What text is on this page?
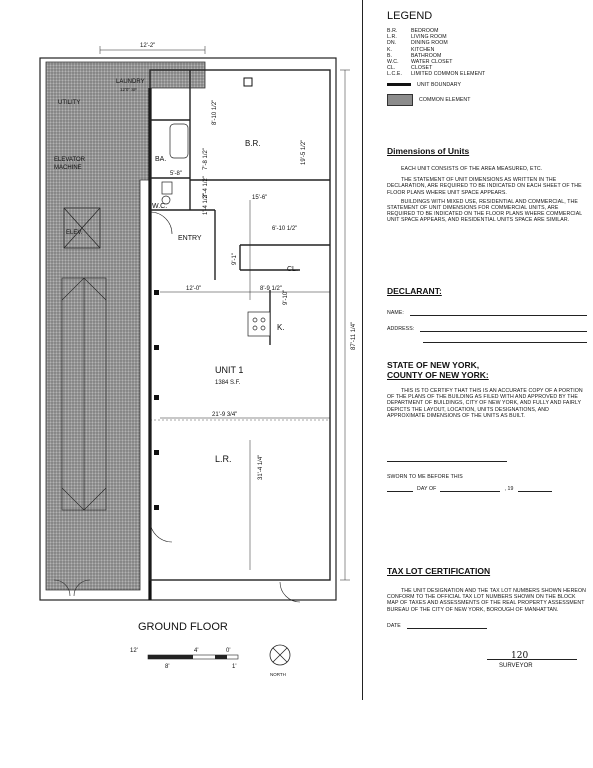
12'-2"
LAUNDRY
12'0" SF
UTILITY
ELEVATOR
MACHINE
ELEV.
BA.
B.R.
W.C.
ENTRY
CL.
K.
UNIT 1
1384 S.F.
L.R.
8'-10 1/2"
19'-5 1/2"
7'-8 1/2"
5'-8"
15'-6"
3'-4 1/2"
1'-4 1/2"
6'-10 1/2"
9'-1"
12'-0"	8'-9 1/2"
9'-10"
21'-9 3/4"
31'-4 1/4"
87'-11 1/4"
GROUND FLOOR
12'	4'	0'
8'	1'
NORTH
LEGEND
B.R.	BEDROOM
L.R.	LIVING ROOM
DN.	DINING ROOM
K.	KITCHEN
B.	BATHROOM
W.C.	WATER CLOSET
CL.	CLOSET
L.C.E.	LIMITED COMMON ELEMENT
UNIT BOUNDARY
COMMON ELEMENT
Dimensions of Units
EACH UNIT CONSISTS OF THE AREA MEASURED, ETC.
THE STATEMENT OF UNIT DIMENSIONS AS WRITTEN IN THE DECLARATION, ARE REQUIRED TO BE INDICATED ON EACH SHEET OF THE FLOOR PLANS WHERE UNIT SPACE APPEARS.
BUILDINGS WITH MIXED USE, RESIDENTIAL AND COMMERCIAL, THE STATEMENT OF UNIT DIMENSIONS FOR COMMERCIAL UNITS, ARE REQUIRED TO BE INDICATED ON THE FLOOR PLANS WHERE COMMERCIAL UNIT SPACE APPEARS, AND RESIDENTIAL UNITS SPACE ARE SIMILAR.
DECLARANT:
NAME:
ADDRESS:
STATE OF NEW YORK,
COUNTY OF NEW YORK:
THIS IS TO CERTIFY THAT THIS IS AN ACCURATE COPY OF A PORTION OF THE PLANS OF THE BUILDING AS FILED WITH AND APPROVED BY THE DEPARTMENT OF BUILDINGS, CITY OF NEW YORK, AND FULLY AND FAIRLY DEPICTS THE LAYOUT, LOCATION, UNITS DESIGNATIONS, AND APPROXIMATE DIMENSIONS OF THE UNITS AS BUILT.
SWORN TO ME BEFORE THIS
DAY OF	, 19
TAX LOT CERTIFICATION
THE UNIT DESIGNATION AND THE TAX LOT NUMBERS SHOWN HEREON CONFORM TO THE OFFICIAL TAX LOT NUMBERS SHOWN ON THE BLOCK MAP OF TAXES AND ASSESSMENTS OF THE REAL PROPERTY ASSESSMENT BUREAU OF THE CITY OF NEW YORK, BOROUGH OF MANHATTAN.
DATE
120
SURVEYOR
